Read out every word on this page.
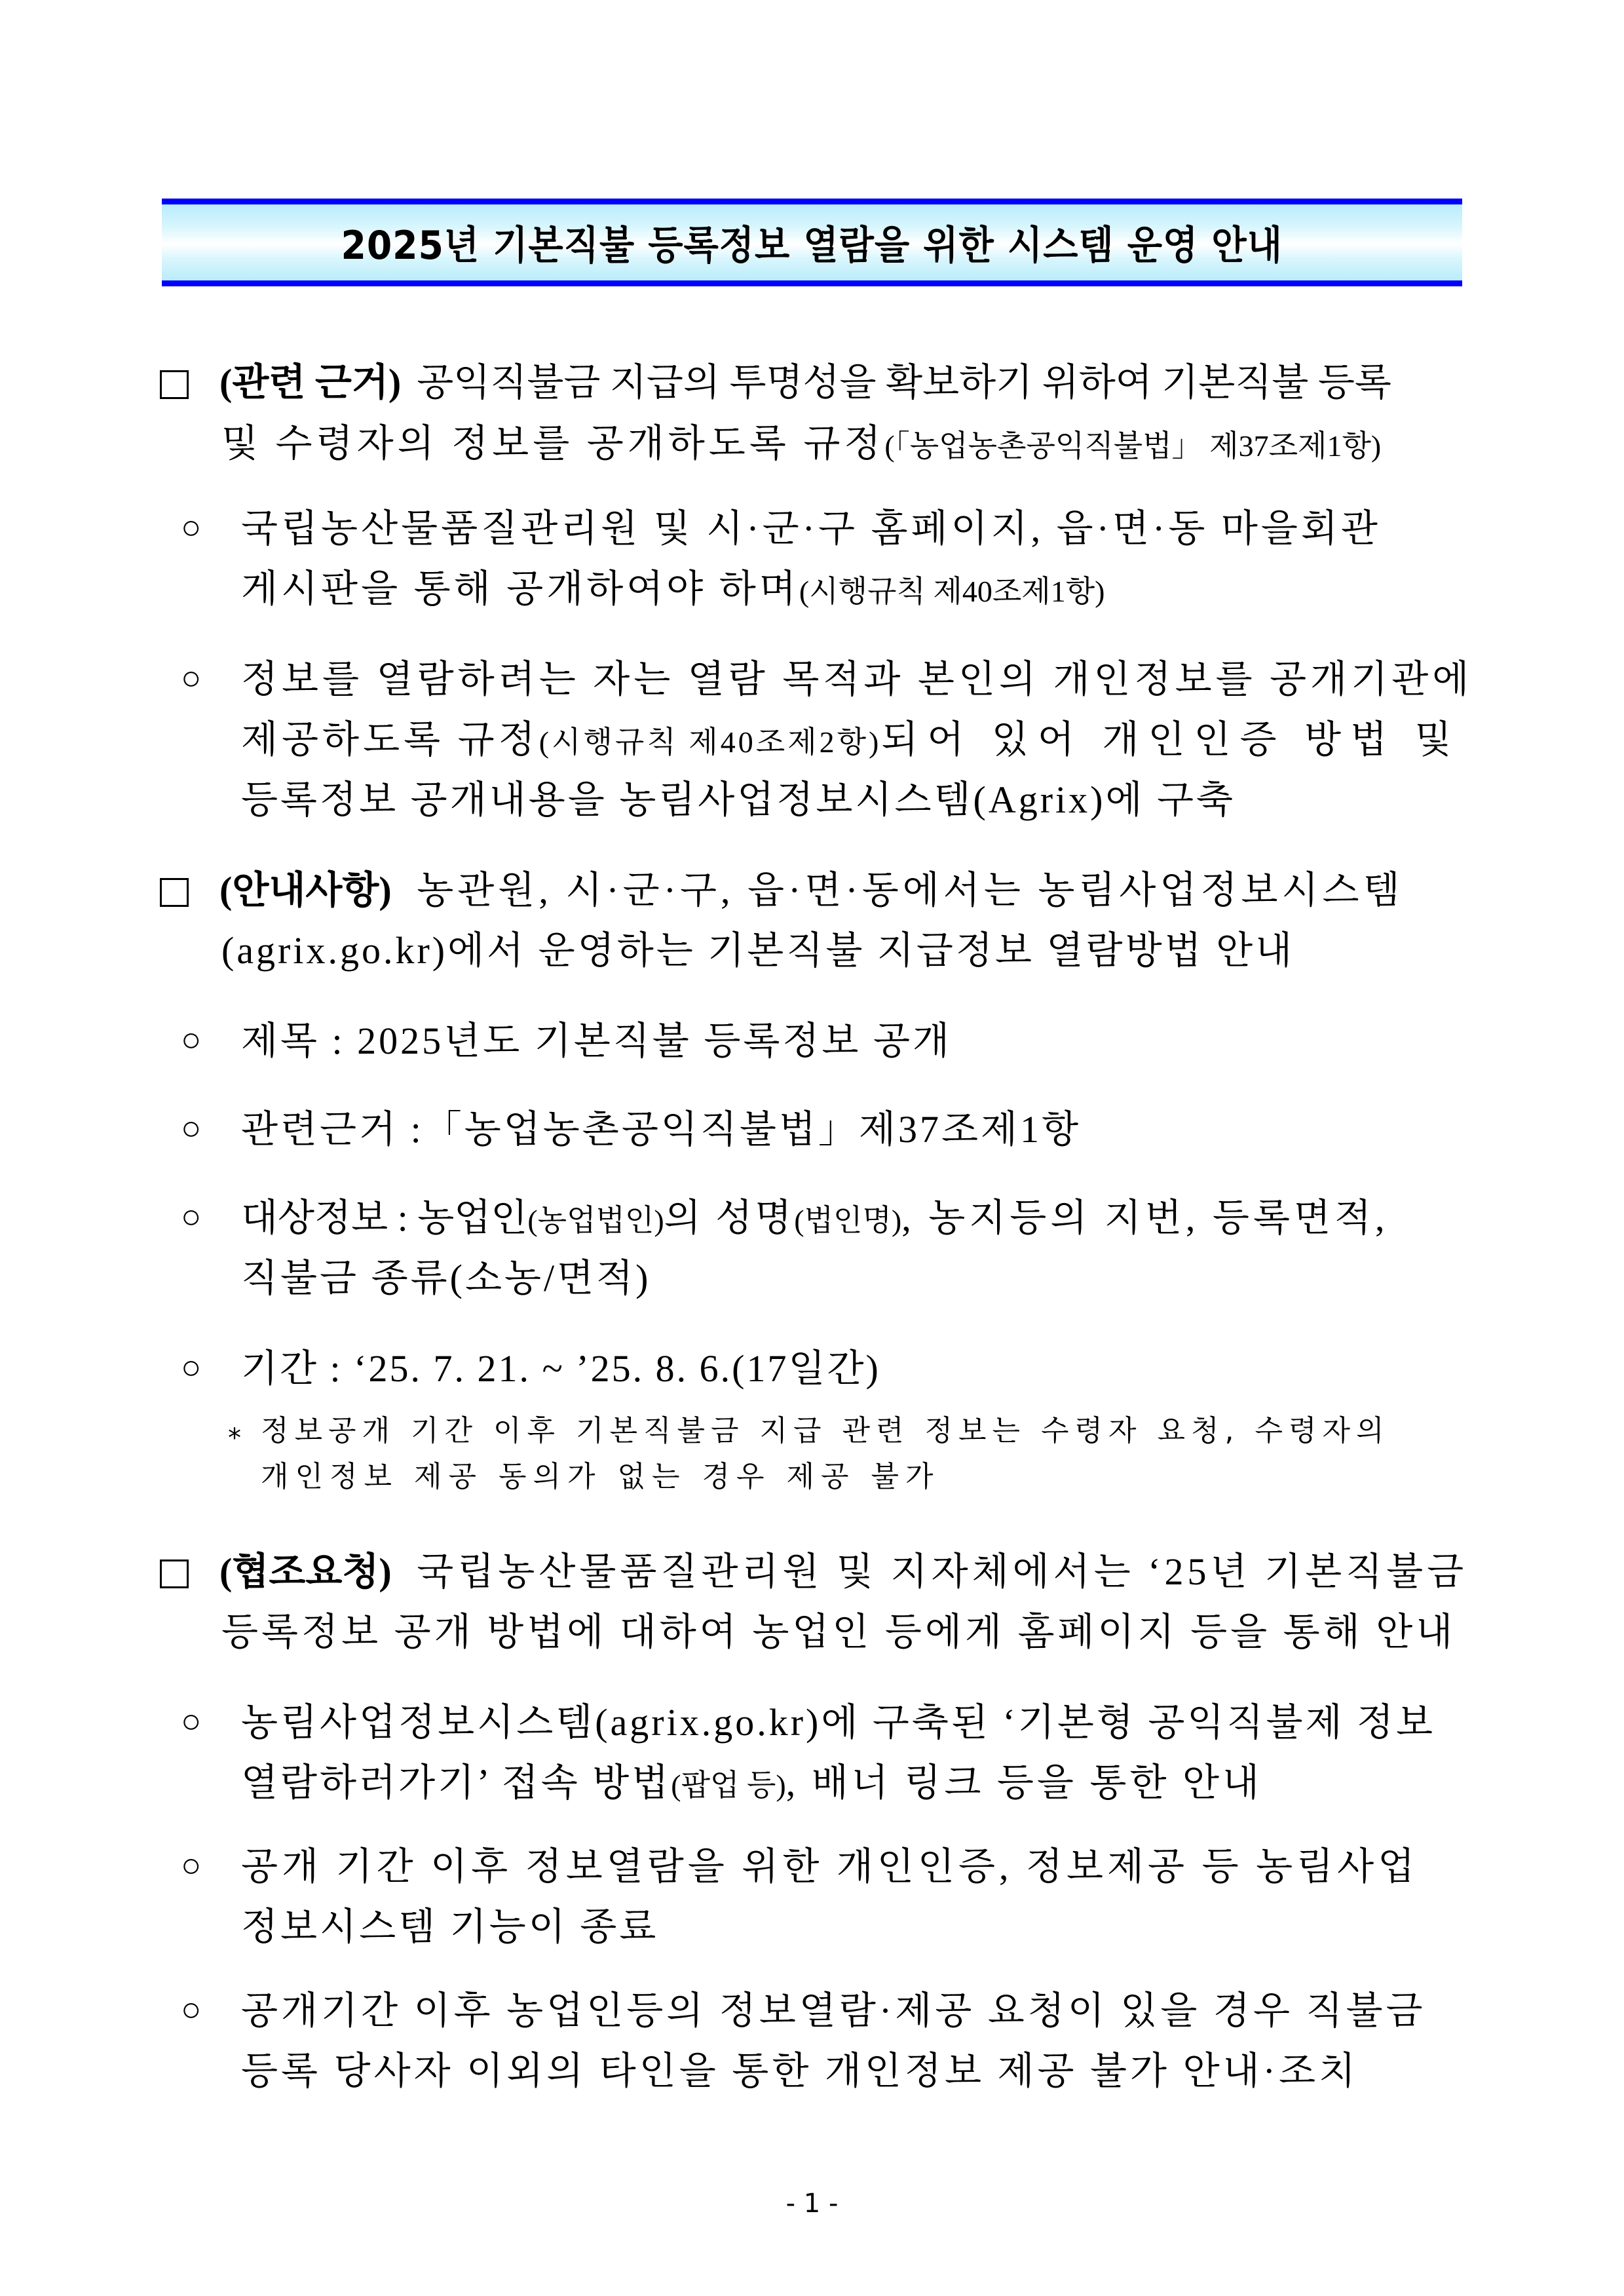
2025년 기본직불 등록정보 열람을 위한 시스템 운영 안내
(관련 근거) 공익직불금 지급의 투명성을 확보하기 위하여 기본직불 등록
및 수령자의 정보를 공개하도록 규정(「농업농촌공익직불법」 제37조제1항)
○ 국립농산물품질관리원 및 시·군·구 홈페이지, 읍·면·동 마을회관
게시판을 통해 공개하여야 하며(시행규칙 제40조제1항)
○ 정보를 열람하려는 자는 열람 목적과 본인의 개인정보를 공개기관에
제공하도록 규정(시행규칙 제40조제2항)되어 있어 개인인증 방법 및
등록정보 공개내용을 농림사업정보시스템(Agrix)에 구축
(안내사항) 농관원, 시·군·구, 읍·면·동에서는 농림사업정보시스템
(agrix.go.kr)에서 운영하는 기본직불 지급정보 열람방법 안내
○ 제목 : 2025년도 기본직불 등록정보 공개
○ 관련근거 :「농업농촌공익직불법」제37조제1항
○ 대상정보 : 농업인(농업법인)의 성명(법인명), 농지등의 지번, 등록면적,
직불금 종류(소농/면적)
○ 기간 : ‘25. 7. 21. ~ ’25. 8. 6.(17일간)
* 정보공개 기간 이후 기본직불금 지급 관련 정보는 수령자 요청, 수령자의
개인정보 제공 동의가 없는 경우 제공 불가
(협조요청) 국립농산물품질관리원 및 지자체에서는 ‘25년 기본직불금
등록정보 공개 방법에 대하여 농업인 등에게 홈페이지 등을 통해 안내
○ 농림사업정보시스템(agrix.go.kr)에 구축된 ‘기본형 공익직불제 정보
열람하러가기’ 접속 방법(팝업 등), 배너 링크 등을 통한 안내
○ 공개 기간 이후 정보열람을 위한 개인인증, 정보제공 등 농림사업
정보시스템 기능이 종료
○ 공개기간 이후 농업인등의 정보열람·제공 요청이 있을 경우 직불금
등록 당사자 이외의 타인을 통한 개인정보 제공 불가 안내·조치
- 1 -
